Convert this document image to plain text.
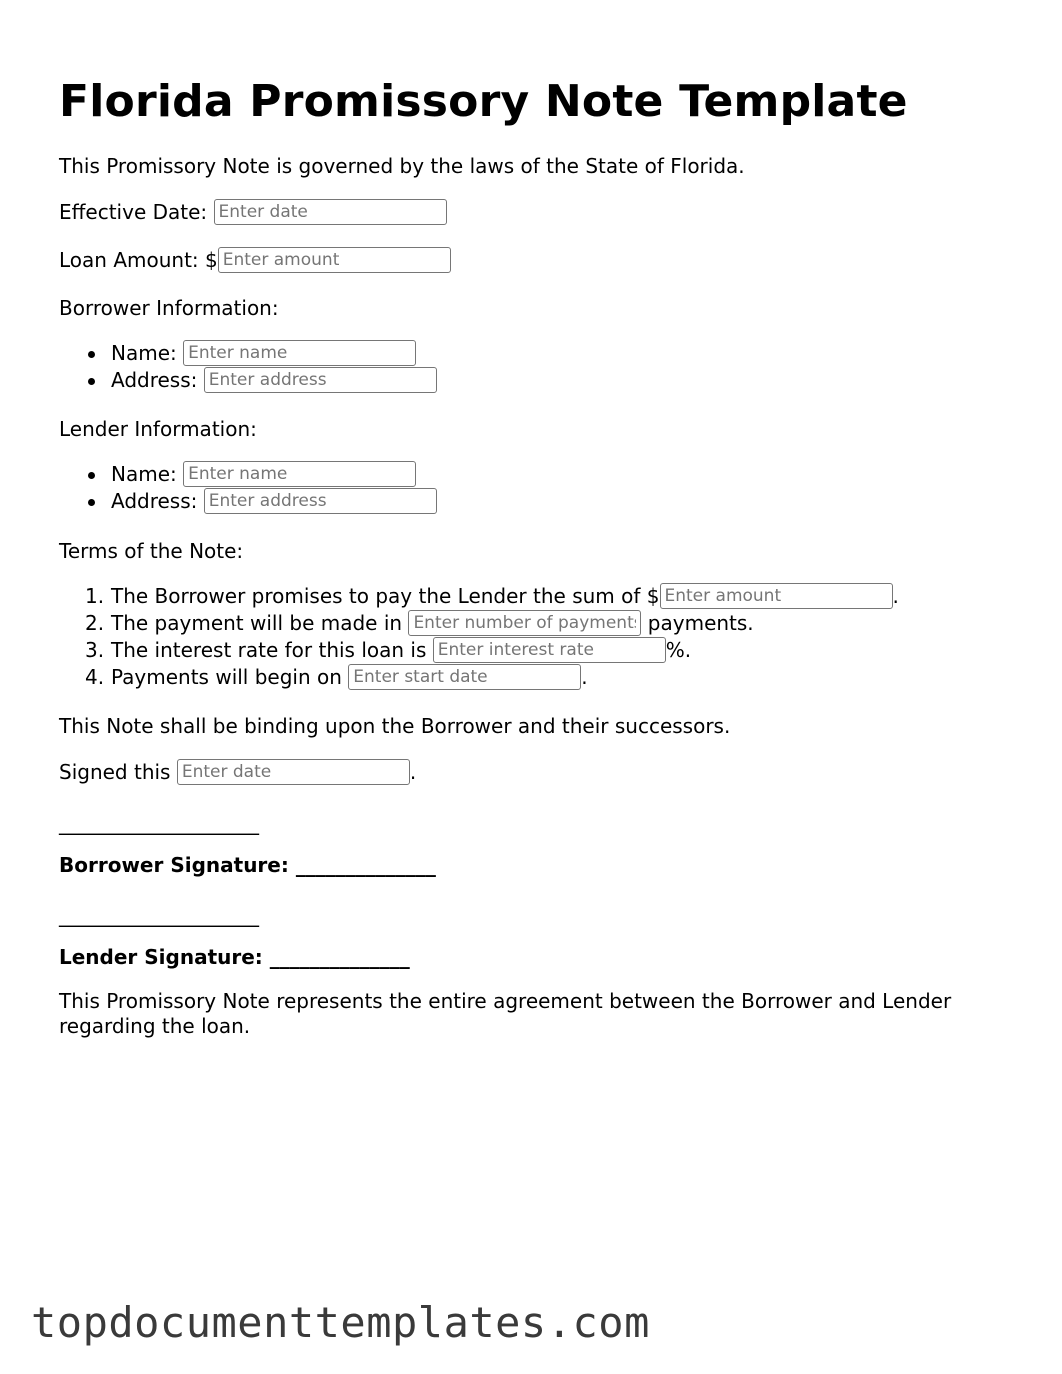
Florida Promissory Note Template
This Promissory Note is governed by the laws of the State of Florida.
Effective Date: Enter date
Loan Amount: $Enter amount
Borrower Information:
Name: Enter name
Address: Enter address
Lender Information:
Name: Enter name
Address: Enter address
Terms of the Note:
1. The Borrower promises to pay the Lender the sum of $Enter amount	.
2. The payment will be made in Enter number of payments	payments.
3. The interest rate for this loan is Enter interest rate	%.
4. Payments will begin on Enter start date	.
This Note shall be binding upon the Borrower and their successors.
Signed this Enter date	.
____________________
Borrower Signature: ______________
____________________
Lender Signature: ______________
This Promissory Note represents the entire agreement between the Borrower and Lender regarding the loan.
topdocumenttemplates.com
